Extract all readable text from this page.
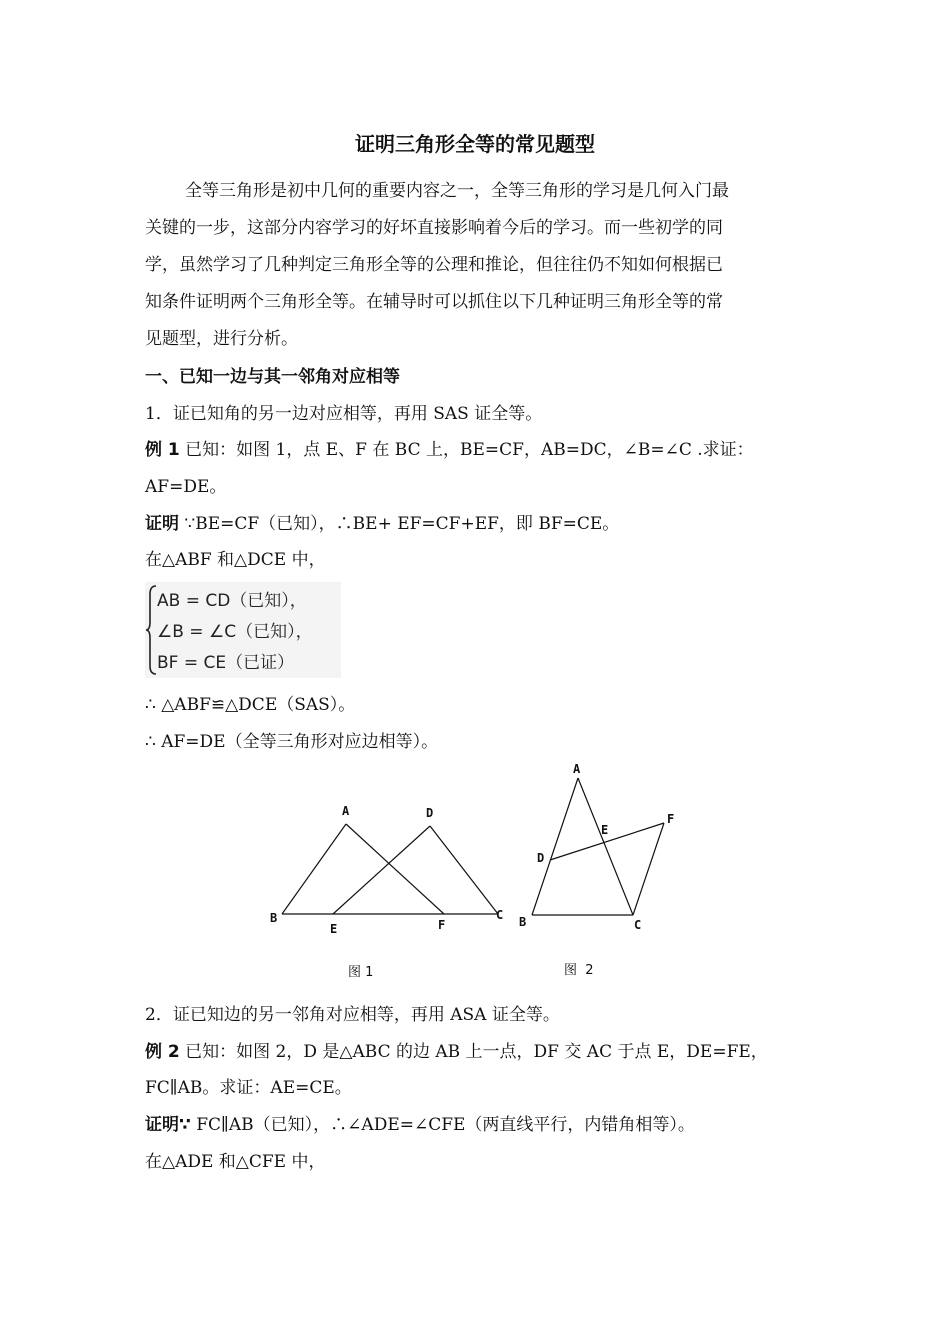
证明三角形全等的常见题型
全等三角形是初中几何的重要内容之一，全等三角形的学习是几何入门最
关键的一步，这部分内容学习的好坏直接影响着今后的学习。而一些初学的同
学，虽然学习了几种判定三角形全等的公理和推论，但往往仍不知如何根据已
知条件证明两个三角形全等。在辅导时可以抓住以下几种证明三角形全等的常
见题型，进行分析。
一、已知一边与其一邻角对应相等
1．证已知角的另一边对应相等，再用 SAS 证全等。
例 1 已知：如图 1，点 E、F 在 BC 上，BE=CF，AB=DC，∠B=∠C .求证：
AF=DE。
证明 ∵BE=CF（已知），∴BE+ EF=CF+EF，即 BF=CE。
在△ABF 和△DCE 中，
AB = CD（已知），
∠B = ∠C（已知），
BF = CE（已证）
∴ △ABF≌△DCE（SAS）。
∴ AF=DE（全等三角形对应边相等）。
A	D
B
E	F
C
图 1
A
E
F
D
B	C
图  2
2．证已知边的另一邻角对应相等，再用 ASA 证全等。
例 2 已知：如图 2，D 是△ABC 的边 AB 上一点，DF 交 AC 于点 E，DE=FE，
FC∥AB。求证：AE=CE。
证明∵ FC∥AB（已知），∴∠ADE=∠CFE（两直线平行，内错角相等）。
在△ADE 和△CFE 中，
